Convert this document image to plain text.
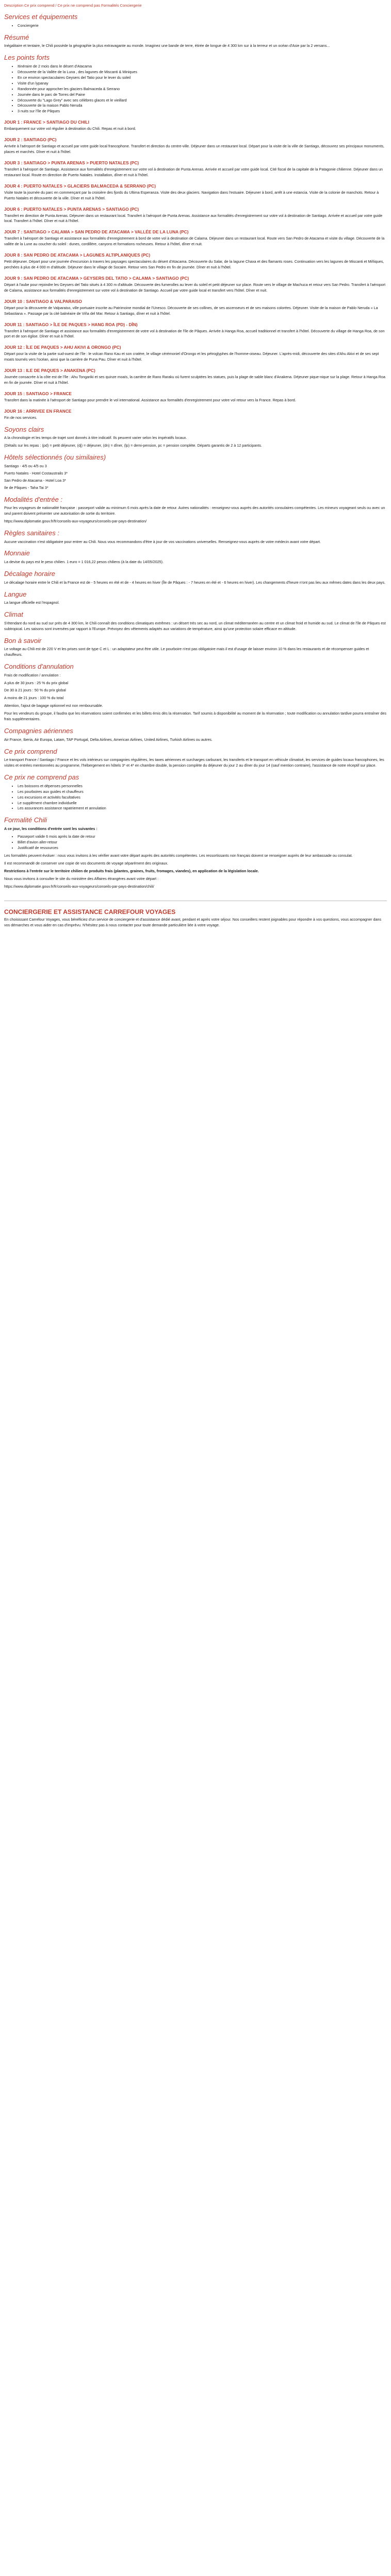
Description Ce prix comprend / Ce prix ne comprend pas Formalités Conciergerie

Services et équipements
• Conciergerie
Résumé

Inégalitaire et tentaire, le Chili possède la géographie la plus extravagante au monde. Imaginez une bande de terre, étirée de longue de 4 300 km sur à la terreur et un océan d'Asie par la 2 versans...

Les points forts
• Itinéraire de 2 mois dans le désert d'Atacama
• Découverte de la Vallée de la Luna , des lagunes de Miscanti & Miniques
• En ce environ spectaculaires Geysers del Tatio pour le lever du soleil
• Visite d'un lypanay
• Randonnée pour approcher les glaciers Balmaceda & Serrano
• Journée dans le parc de Torres del Paine
• Découverte du "Lago Grey" avec ses célèbres glaces et le vieillard
• Découverte de la maison Pablo Neruda
• 3 nuits sur l'île de Pâques
JOUR 1 : FRANCE > SANTIAGO DU CHILI

Embarquement sur votre vol régulier à destination du Chili. Repas et nuit à bord.

JOUR 2 : SANTIAGO (PC)

Arrivée à l'aéroport de Santiago et accueil par votre guide local francophone. Transfert et direction du centre-ville. Déjeuner dans un restaurant local. Départ pour la visite de la ville de Santiago, découvrez ses principaux monuments, places et marchés. Dîner et nuit à l'hôtel.

JOUR 3 : SANTIAGO > PUNTA ARENAS > PUERTO NATALES (PC)

Transfert à l'aéroport de Santiago. Assistance aux formalités d'enregistrement sur votre vol à destination de Punta Arenas. Arrivée et accueil par votre guide local. Cité fiscal de la capitale de la Patagonie chilienne. Déjeuner dans un restaurant local. Route en direction de Puerto Natales. Installation, dîner et nuit à l'hôtel.

JOUR 4 : PUERTO NATALES > GLACIERS BALMACEDA & SERRANO (PC)

Visite toute la journée du parc en commençant par la croisière des fjords du Ultima Esperanza. Visite des deux glaciers. Navigation dans l'estuaire. Déjeuner à bord, arrêt à une estancia. Visite de la colonie de manchots. Retour à Puerto Natales et découverte de la ville. Dîner et nuit à l'hôtel.

JOUR 6 : PUERTO NATALES > PUNTA ARENAS > SANTIAGO (PC)

Transfert en direction de Punta Arenas. Déjeuner dans un restaurant local. Transfert à l'aéroport de Punta Arenas. Assistance aux formalités d'enregistrement sur votre vol à destination de Santiago. Arrivée et accueil par votre guide local. Transfert à l'hôtel. Dîner et nuit à l'hôtel.

JOUR 7 : SANTIAGO > CALAMA > SAN PEDRO DE ATACAMA > VALLÉE DE LA LUNA (PC)

Transfert à l'aéroport de Santiago et assistance aux formalités d'enregistrement à bord de votre vol à destination de Calama. Déjeuner dans un restaurant local. Route vers San Pedro de Atacama et visite du village. Découverte de la vallée de la Lune au coucher du soleil : dunes, cordillère, canyons et formations rocheuses. Retour à l'hôtel, dîner et nuit.

JOUR 8 : SAN PEDRO DE ATACAMA > LAGUNES ALTIPLANIQUES (PC)

Petit déjeuner. Départ pour une journée d'excursion à travers les paysages spectaculaires du désert d'Atacama. Découverte du Salar, de la lagune Chaxa et des flamants roses. Continuation vers les lagunes de Miscanti et Miñiques, perchées à plus de 4 000 m d'altitude. Déjeuner dans le village de Socaire. Retour vers San Pedro en fin de journée. Dîner et nuit à l'hôtel.

JOUR 9 : SAN PEDRO DE ATACAMA > GEYSERS DEL TATIO > CALAMA > SANTIAGO (PC)

Départ à l'aube pour rejoindre les Geysers del Tatio situés à 4 300 m d'altitude. Découverte des fumerolles au lever du soleil et petit déjeuner sur place. Route vers le village de Machuca et retour vers San Pedro. Transfert à l'aéroport de Calama, assistance aux formalités d'enregistrement sur votre vol à destination de Santiago. Accueil par votre guide local et transfert vers l'hôtel. Dîner et nuit.

JOUR 10 : SANTIAGO & VALPARAISO

Départ pour la découverte de Valparaiso, ville portuaire inscrite au Patrimoine mondial de l'Unesco. Découverte de ses collines, de ses ascenseurs et de ses maisons colorées. Déjeuner. Visite de la maison de Pablo Neruda « La Sebastiana ». Passage par la cité balnéaire de Viña del Mar. Retour à Santiago, dîner et nuit à l'hôtel.

JOUR 11 : SANTIAGO > ÎLE DE PAQUES > HANG ROA (PD) - DÎN)

Transfert à l'aéroport de Santiago et assistance aux formalités d'enregistrement de votre vol à destination de l'île de Pâques. Arrivée à Hanga Roa, accueil traditionnel et transfert à l'hôtel. Découverte du village de Hanga Roa, de son port et de son église. Dîner et nuit à l'hôtel.

JOUR 12 : ÎLE DE PAQUES > AHU AKIVI & ORONGO (PC)

Départ pour la visite de la partie sud-ouest de l'île : le volcan Rano Kau et son cratère, le village cérémoniel d'Orongo et les pétroglyphes de l'homme-oiseau. Déjeuner. L'après-midi, découverte des sites d'Ahu Akivi et de ses sept moaïs tournés vers l'océan, ainsi que la carrière de Puna Pau. Dîner et nuit à l'hôtel.

JOUR 13 : ILE DE PAQUES > ANAKENA (PC)

Journée consacrée à la côte est de l'île : Ahu Tongariki et ses quinze moaïs, la carrière de Rano Raraku où furent sculptées les statues, puis la plage de sable blanc d'Anakena. Déjeuner pique-nique sur la plage. Retour à Hanga Roa en fin de journée. Dîner et nuit à l'hôtel.

JOUR 15 : SANTIAGO > FRANCE

Transfert dans la matinée à l'aéroport de Santiago pour prendre le vol international. Assistance aux formalités d'enregistrement pour votre vol retour vers la France. Repas à bord.

JOUR 16 : ARRIVEE EN FRANCE

Fin de nos services.

Soyons clairs

A la chronologie et les temps de trajet sont donnés à titre indicatif. Ils peuvent varier selon les impératifs locaux.

(Détails sur les repas : (pd) = petit déjeuner, (dj) = déjeuner, (dn) = dîner, (lp) = demi-pension, pc = pension complète. Départs garantis de 2 à 12 participants.

Hôtels sélectionnés (ou similaires)

Santiago - 4/5 ou 4/5 ou 3

Puerto Natales - Hotel Costaustralis 3*

San Pedro de Atacama - Hotel Loa 3*

Ile de Pâques - Taha Tai 3*

Modalités d'entrée :

Pour les voyageurs de nationalité française : passeport valide au minimum 6 mois après la date de retour. Autres nationalités : renseignez-vous auprès des autorités consulaires compétentes. Les mineurs voyageant seuls ou avec un seul parent doivent présenter une autorisation de sortie du territoire.

https://www.diplomatie.gouv.fr/fr/conseils-aux-voyageurs/conseils-par-pays-destination/

Règles sanitaires :

Aucune vaccination n'est obligatoire pour entrer au Chili. Nous vous recommandons d'être à jour de vos vaccinations universelles. Renseignez-vous auprès de votre médecin avant votre départ.

Monnaie

La devise du pays est le peso chilien. 1 euro = 1 016,22 pesos chiliens (à la date du 14/05/2025).

Décalage horaire

Le décalage horaire entre le Chili et la France est de - 5 heures en été et de - 4 heures en hiver (Île de Pâques : - 7 heures en été et - 6 heures en hiver). Les changements d'heure n'ont pas lieu aux mêmes dates dans les deux pays.

Langue

La langue officielle est l'espagnol.

Climat

S'étendant du nord au sud sur près de 4 300 km, le Chili connaît des conditions climatiques extrêmes : un désert très sec au nord, un climat méditerranéen au centre et un climat froid et humide au sud. Le climat de l'île de Pâques est subtropical. Les saisons sont inversées par rapport à l'Europe. Prévoyez des vêtements adaptés aux variations de température, ainsi qu'une protection solaire efficace en altitude.

Bon à savoir

Le voltage au Chili est de 220 V et les prises sont de type C et L : un adaptateur peut être utile. Le pourboire n'est pas obligatoire mais il est d'usage de laisser environ 10 % dans les restaurants et de récompenser guides et chauffeurs.

Conditions d'annulation

Frais de modification / annulation :

A plus de 30 jours : 25 % du prix global

De 30 à 21 jours : 50 % du prix global

A moins de 21 jours : 100 % du total

Attention, l'ajout de bagage optionnel est non remboursable.

Pour les vendeurs du groupe, il faudra que les réservations soient confirmées et les billets émis dès la réservation. Tarif soumis à disponibilité au moment de la réservation ; toute modification ou annulation tardive pourra entraîner des frais supplémentaires.

Compagnies aériennes

Air France, Iberia, Air Europa, Latam, TAP Portugal, Delta Airlines, American Airlines, United Airlines, Turkish Airlines ou autres.

Ce prix comprend

Le transport France / Santiago / France et les vols intérieurs sur compagnies régulières, les taxes aériennes et surcharges carburant, les transferts et le transport en véhicule climatisé, les services de guides locaux francophones, les visites et entrées mentionnées au programme, l'hébergement en hôtels 3* et 4* en chambre double, la pension complète du déjeuner du jour 2 au dîner du jour 14 (sauf mention contraire), l'assistance de notre réceptif sur place.

Ce prix ne comprend pas
• Les boissons et dépenses personnelles
• Les pourboires aux guides et chauffeurs
• Les excursions et activités facultatives
• Le supplément chambre individuelle
• Les assurances assistance rapatriement et annulation
Formalité Chili

A ce jour, les conditions d'entrée sont les suivantes :

• Passeport valide 6 mois après la date de retour
• Billet d'avion aller-retour
• Justificatif de ressources

Les formalités peuvent évoluer : nous vous invitons à les vérifier avant votre départ auprès des autorités compétentes. Les ressortissants non français doivent se renseigner auprès de leur ambassade ou consulat.

Il est recommandé de conserver une copie de vos documents de voyage séparément des originaux.

Restrictions à l'entrée sur le territoire chilien de produits frais (plantes, graines, fruits, fromages, viandes), en application de la législation locale.

Nous vous invitons à consulter le site du ministère des Affaires étrangères avant votre départ :

https://www.diplomatie.gouv.fr/fr/conseils-aux-voyageurs/conseils-par-pays-destination/chili/

CONCIERGERIE ET ASSISTANCE CARREFOUR VOYAGES

En choisissant Carrefour Voyages, vous bénéficiez d'un service de conciergerie et d'assistance dédié avant, pendant et après votre séjour. Nos conseillers restent joignables pour répondre à vos questions, vous accompagner dans vos démarches et vous aider en cas d'imprévu. N'hésitez pas à nous contacter pour toute demande particulière liée à votre voyage.
